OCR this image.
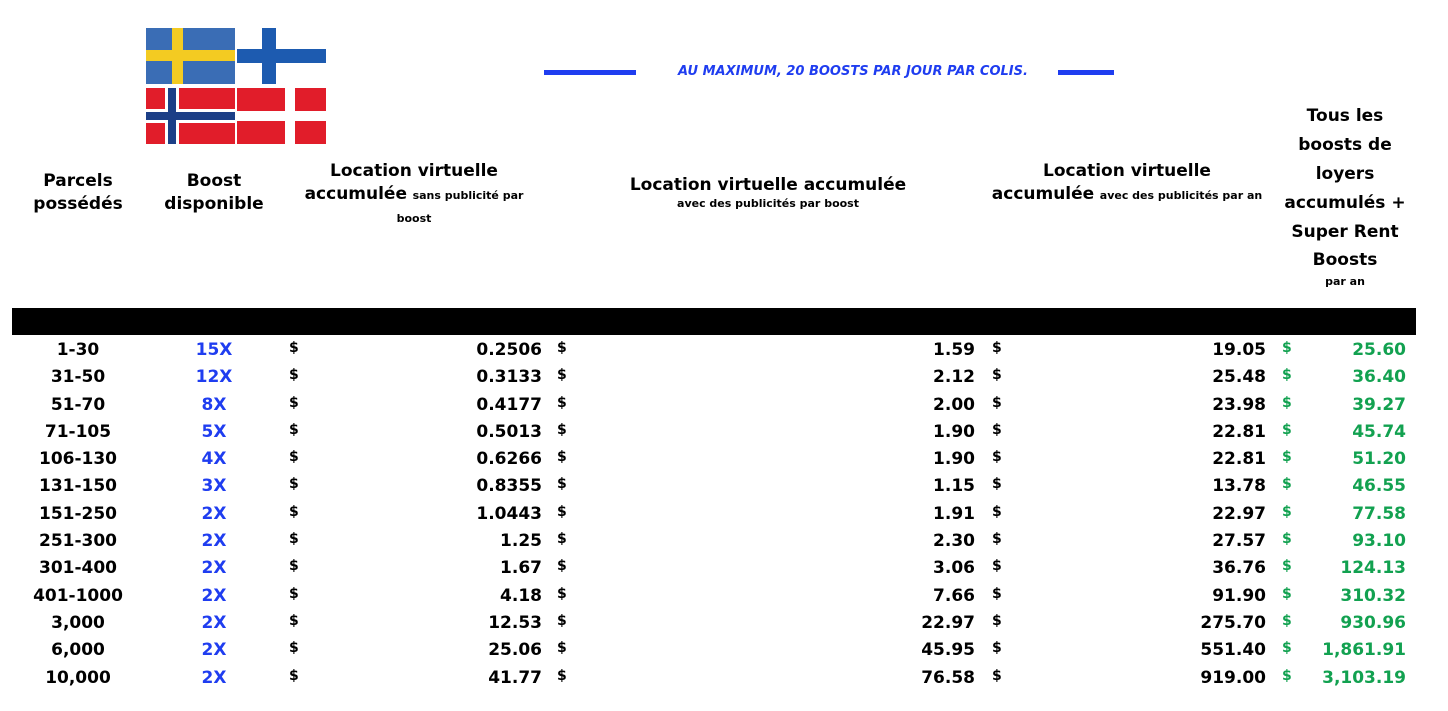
AU MAXIMUM, 20 BOOSTS PAR JOUR PAR COLIS.
Parcels possédés
Boost disponible
Location virtuelle accumulée sans publicité par boost
Location virtuelle accumulée
avec des publicités par boost
Location virtuelle accumulée avec des publicités par an
Tous les boosts de loyers accumulés + Super Rent Boosts
par an
1-30	15X	$	0.2506 $	1.59 $	19.05 $	25.60
31-50	12X	$	0.3133 $	2.12 $	25.48 $	36.40
51-70	8X	$	0.4177 $	2.00 $	23.98 $	39.27
71-105	5X	$	0.5013 $	1.90 $	22.81 $	45.74
106-130	4X	$	0.6266 $	1.90 $	22.81 $	51.20
131-150	3X	$	0.8355 $	1.15 $	13.78 $	46.55
151-250	2X	$	1.0443 $	1.91 $	22.97 $	77.58
251-300	2X	$	1.25 $	2.30 $	27.57 $	93.10
301-400	2X	$	1.67 $	3.06 $	36.76 $	124.13
401-1000	2X	$	4.18 $	7.66 $	91.90 $	310.32
3,000	2X	$	12.53 $	22.97 $	275.70 $	930.96
6,000	2X	$	25.06 $	45.95 $	551.40 $	1,861.91
10,000	2X	$	41.77 $	76.58 $	919.00 $	3,103.19
